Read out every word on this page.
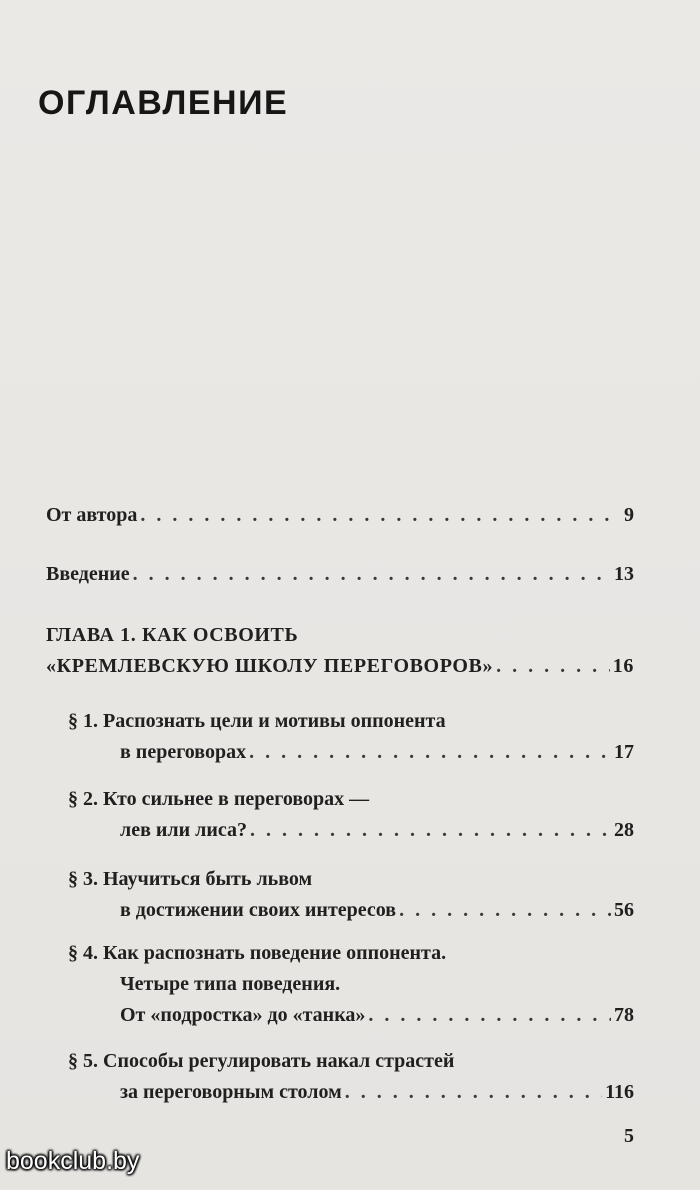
ОГЛАВЛЕНИЕ
От автора . . .	9
Введение . . .	13
ГЛАВА 1. КАК ОСВОИТЬ
«КРЕМЛЕВСКУЮ ШКОЛУ ПЕРЕГОВОРОВ» . . .	16
§ 1. Распознать цели и мотивы оппонента
в переговорах . . .	17
§ 2. Кто сильнее в переговорах —
лев или лиса? . . .	28
§ 3. Научиться быть львом
в достижении своих интересов . . .	56
§ 4. Как распознать поведение оппонента.
Четыре типа поведения.
От «подростка» до «танка» . . .	78
§ 5. Способы регулировать накал страстей
за переговорным столом . . .	116
5
bookclub.by
